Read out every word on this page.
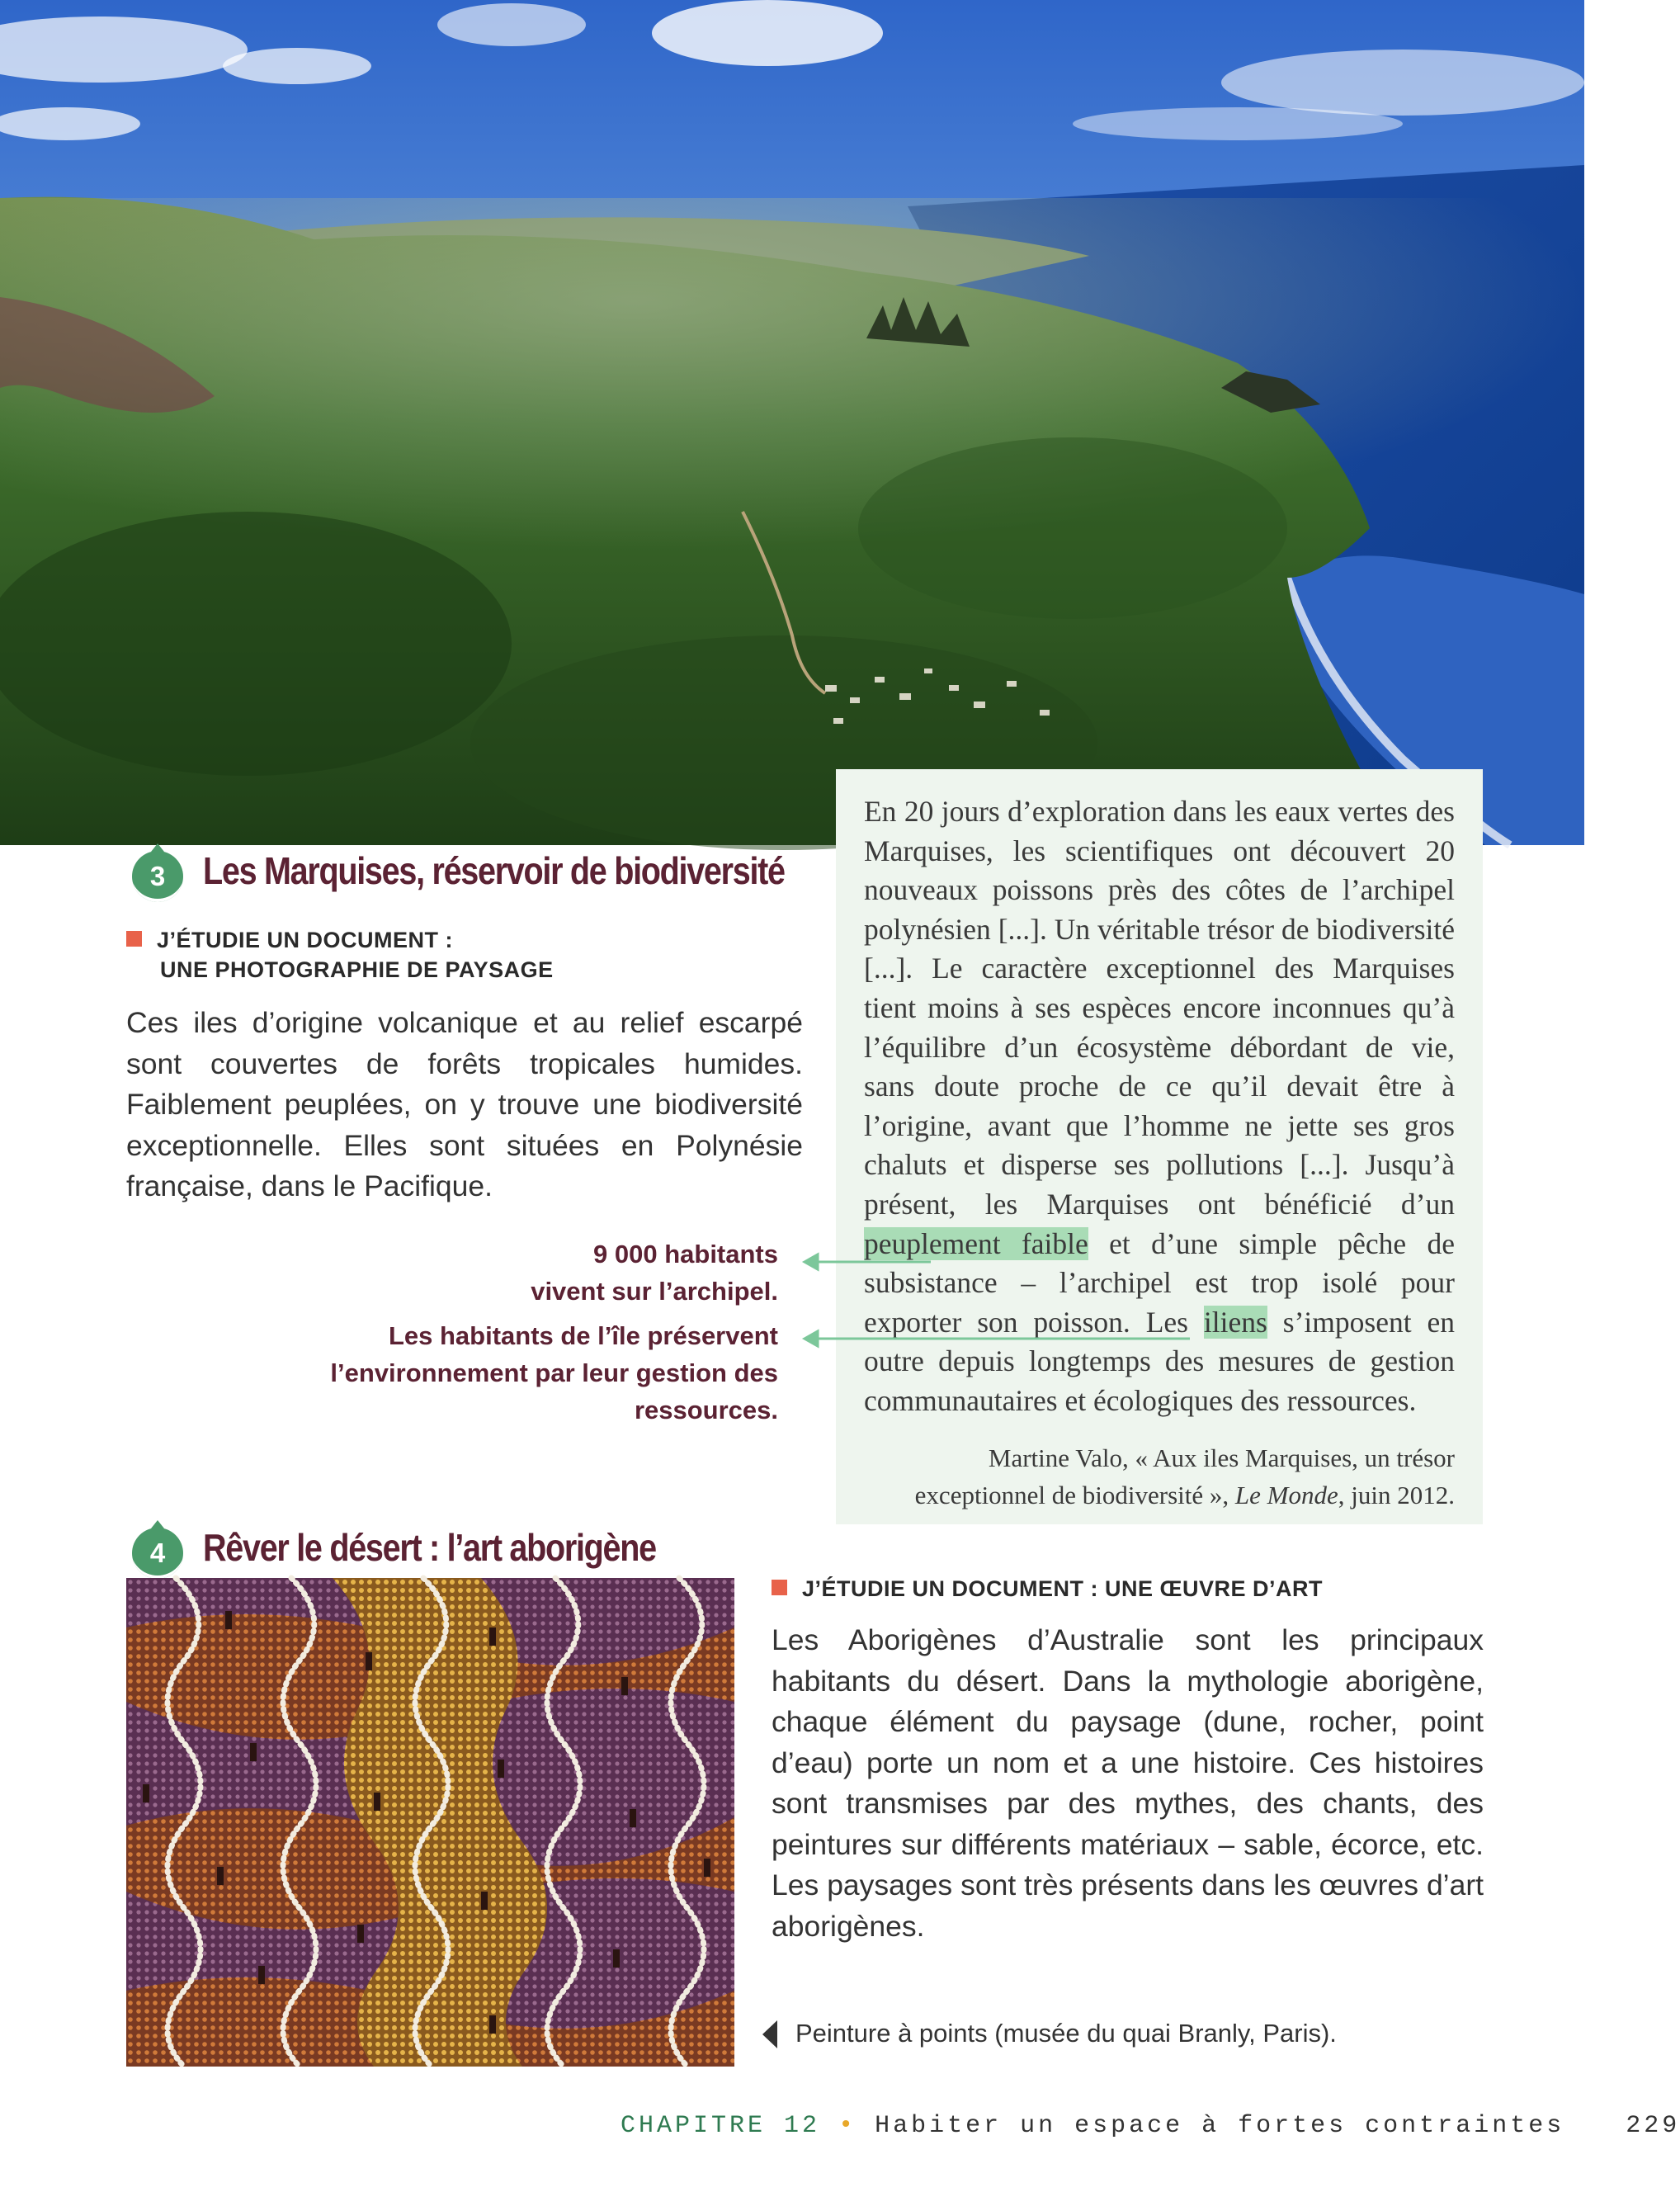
En 20 jours d’exploration dans les eaux vertes des Marquises, les scientifiques ont découvert 20 nouveaux poissons près des côtes de l’archipel polynésien [...]. Un véritable trésor de biodiversité [...]. Le caractère exceptionnel des Marquises tient moins à ses espèces encore inconnues qu’à l’équilibre d’un écosystème débordant de vie, sans doute proche de ce qu’il devait être à l’origine, avant que l’homme ne jette ses gros chaluts et disperse ses pollutions [...]. Jusqu’à présent, les Marquises ont bénéficié d’un peuplement faible et d’une simple pêche de subsistance – l’archipel est trop isolé pour exporter son poisson. Les iliens s’imposent en outre depuis longtemps des mesures de gestion communautaires et écologiques des ressources.

Martine Valo, « Aux iles Marquises, un trésor exceptionnel de biodiversité », Le Monde, juin 2012.
3 Les Marquises, réservoir de biodiversité
J’ÉTUDIE UN DOCUMENT :
UNE PHOTOGRAPHIE DE PAYSAGE
Ces iles d’origine volcanique et au relief escarpé sont couvertes de forêts tropicales humides. Faiblement peuplées, on y trouve une biodiversité exceptionnelle. Elles sont situées en Polynésie française, dans le Pacifique.
9 000 habitants
vivent sur l’archipel.
Les habitants de l’île préservent l’environnement par leur gestion des ressources.
4 Rêver le désert : l’art aborigène
J’ÉTUDIE UN DOCUMENT : UNE ŒUVRE D’ART
Les Aborigènes d’Australie sont les principaux habitants du désert. Dans la mythologie aborigène, chaque élément du paysage (dune, rocher, point d’eau) porte un nom et a une histoire. Ces histoires sont transmises par des mythes, des chants, des peintures sur différents matériaux – sable, écorce, etc. Les paysages sont très présents dans les œuvres d’art aborigènes.
Peinture à points (musée du quai Branly, Paris).
CHAPITRE 12 • Habiter un espace à fortes contraintes 229
